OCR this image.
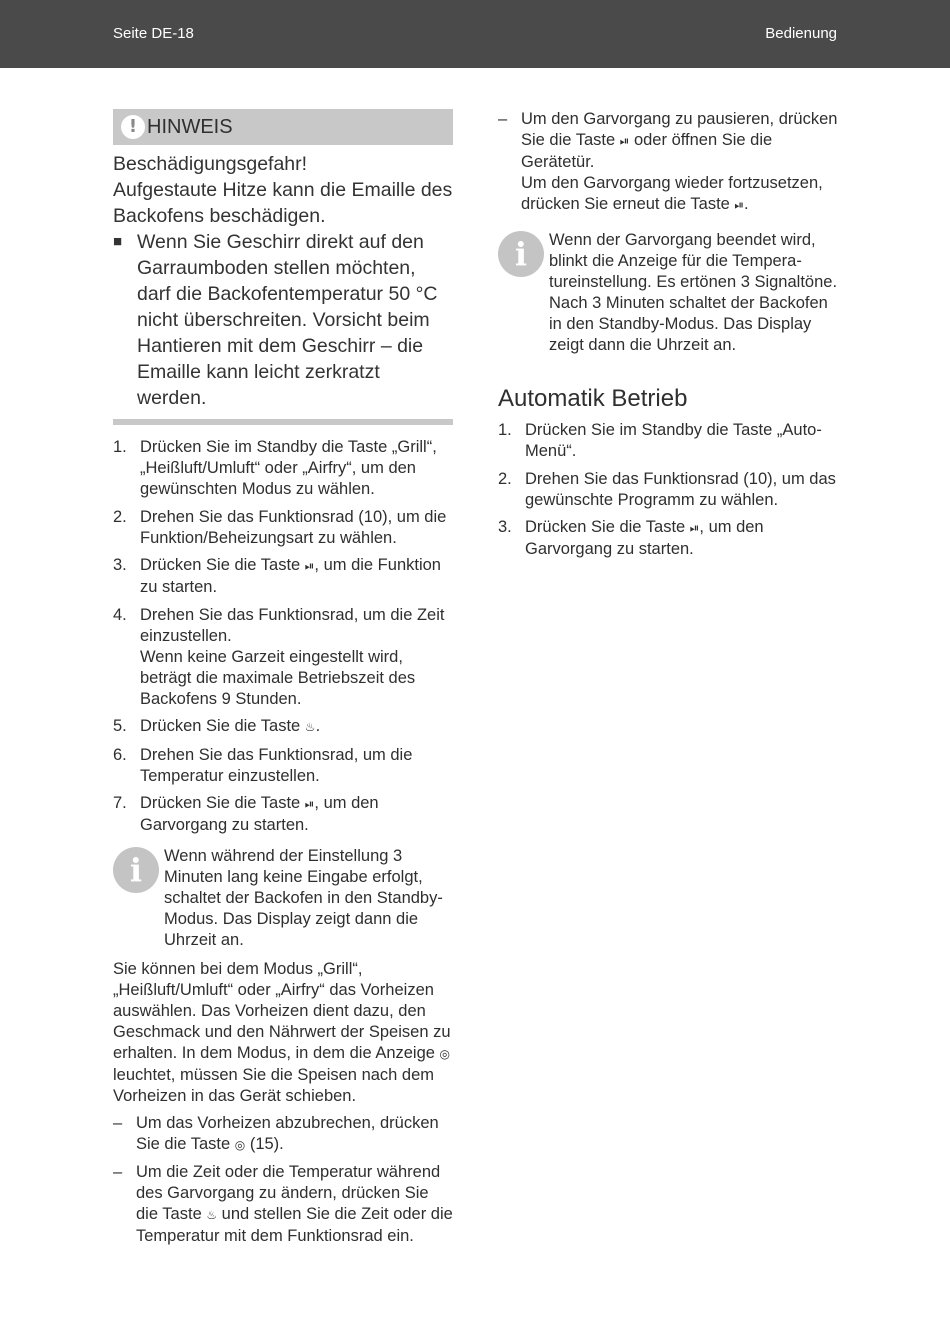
Seite DE-18	Bedienung
! HINWEIS
Beschädigungsgefahr!
Aufgestaute Hitze kann die Emaille des Backofens beschädigen.
■ Wenn Sie Geschirr direkt auf den Garraumboden stellen möchten, darf die Backofentemperatur 50 °C nicht überschreiten. Vorsicht beim Hantieren mit dem Geschirr – die Emaille kann leicht zerkratzt werden.
1. Drücken Sie im Standby die Taste „Grill“, „Heißluft/Umluft“ oder „Airfry“, um den gewünschten Modus zu wählen.
2. Drehen Sie das Funktionsrad (10), um die Funktion/Beheizungsart zu wählen.
3. Drücken Sie die Taste ⏯, um die Funktion zu starten.
4. Drehen Sie das Funktionsrad, um die Zeit einzustellen.
Wenn keine Garzeit eingestellt wird, beträgt die maximale Betriebszeit des Backofens 9 Stunden.
5. Drücken Sie die Taste ♨.
6. Drehen Sie das Funktionsrad, um die Temperatur einzustellen.
7. Drücken Sie die Taste ⏯, um den Garvorgang zu starten.
i	Wenn während der Einstellung 3 Minuten lang keine Eingabe erfolgt, schaltet der Backofen in den Standby-Modus. Das Display zeigt dann die Uhrzeit an.

Sie können bei dem Modus „Grill“, „Heißluft/Umluft“ oder „Airfry“ das Vorheizen auswählen. Das Vorheizen dient dazu, den Geschmack und den Nährwert der Speisen zu erhalten. In dem Modus, in dem die Anzeige ◎ leuchtet, müssen Sie die Speisen nach dem Vorheizen in das Gerät schieben.

– Um das Vorheizen abzubrechen, drücken Sie die Taste ◎ (15).
– Um die Zeit oder die Temperatur während des Garvorgang zu ändern, drücken Sie die Taste ♨ und stellen Sie die Zeit oder die Temperatur mit dem Funktionsrad ein.
– Um den Garvorgang zu pausieren, drücken Sie die Taste ⏯ oder öffnen Sie die Gerätetür.
Um den Garvorgang wieder fortzusetzen, drücken Sie erneut die Taste ⏯.
i	Wenn der Garvorgang beendet wird, blinkt die Anzeige für die Temperatureinstellung. Es ertönen 3 Signaltöne.
Nach 3 Minuten schaltet der Backofen in den Standby-Modus. Das Display zeigt dann die Uhrzeit an.
Automatik Betrieb
1. Drücken Sie im Standby die Taste „Auto-Menü“.
2. Drehen Sie das Funktionsrad (10), um das gewünschte Programm zu wählen.
3. Drücken Sie die Taste ⏯, um den Garvorgang zu starten.
